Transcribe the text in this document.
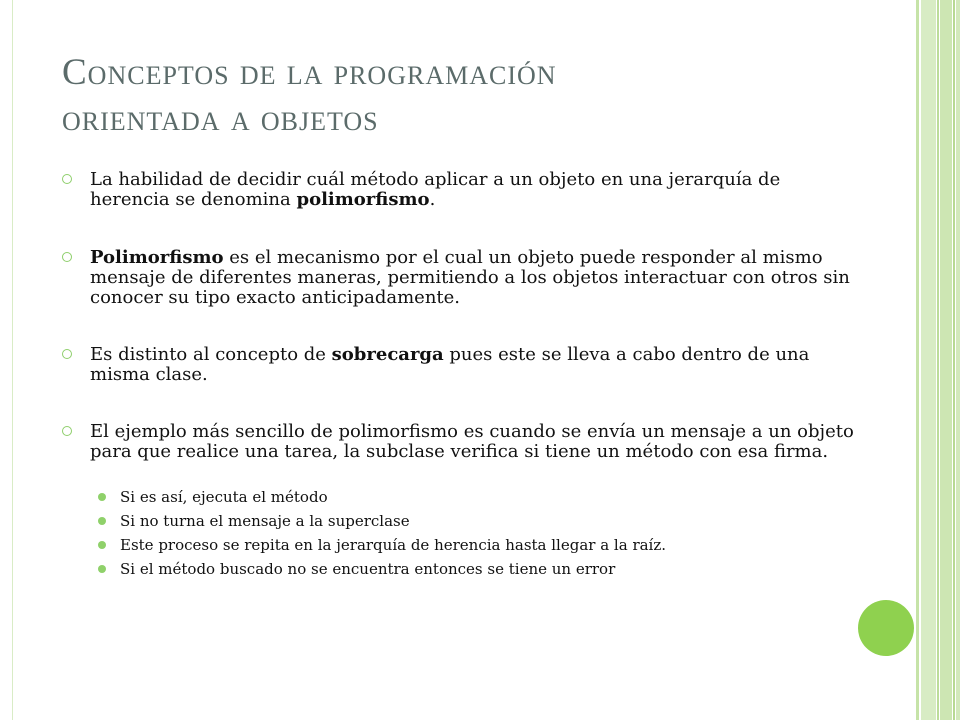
Conceptos de la programación
orientada a objetos
La habilidad de decidir cuál método aplicar a un objeto en una jerarquía de herencia se denomina polimorfismo.
Polimorfismo es el mecanismo por el cual un objeto puede responder al mismo mensaje de diferentes maneras, permitiendo a los objetos interactuar con otros sin conocer su tipo exacto anticipadamente.
Es distinto al concepto de sobrecarga pues este se lleva a cabo dentro de una misma clase.
El ejemplo más sencillo de polimorfismo es cuando se envía un mensaje a un objeto para que realice una tarea, la subclase verifica si tiene un método con esa firma.
Si es así, ejecuta el método
Si no turna el mensaje a la superclase
Este proceso se repita en la jerarquía de herencia hasta llegar a la raíz.
Si el método buscado no se encuentra entonces se tiene un error
